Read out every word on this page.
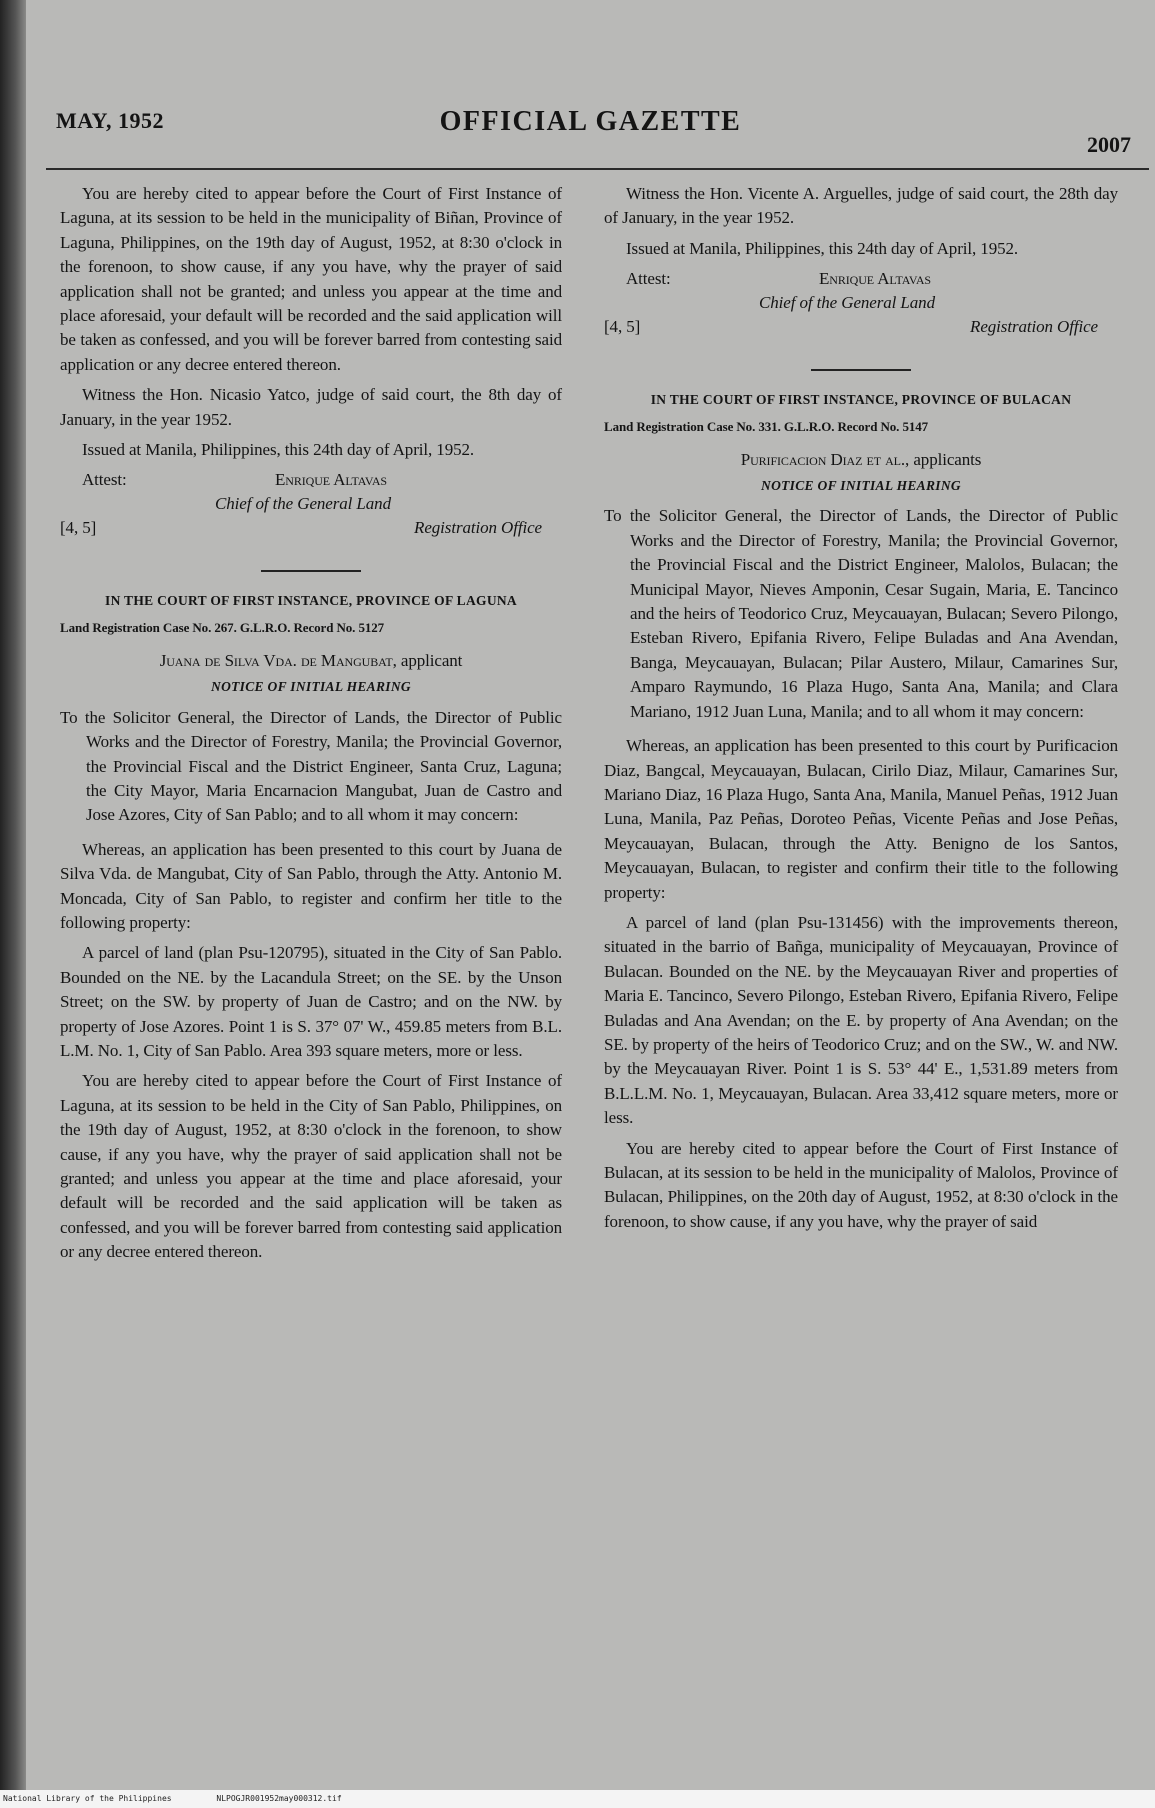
MAY, 1952	OFFICIAL GAZETTE
2007

You are hereby cited to appear before the Court of First Instance of Laguna, at its session to be held in the municipality of Biñan, Province of Laguna, Philippines, on the 19th day of August, 1952, at 8:30 o'clock in the forenoon, to show cause, if any you have, why the prayer of said application shall not be granted; and unless you appear at the time and place aforesaid, your default will be recorded and the said application will be taken as confessed, and you will be forever barred from contesting said application or any decree entered thereon.

Witness the Hon. Nicasio Yatco, judge of said court, the 8th day of January, in the year 1952.

Issued at Manila, Philippines, this 24th day of April, 1952.

Attest:	Enrique Altavas
Chief of the General Land
[4, 5]	Registration Office
IN THE COURT OF FIRST INSTANCE, PROVINCE OF LAGUNA
Land Registration Case No. 267. G.L.R.O. Record No. 5127
Juana de Silva Vda. de Mangubat, applicant
NOTICE OF INITIAL HEARING

To the Solicitor General, the Director of Lands, the Director of Public Works and the Director of Forestry, Manila; the Provincial Governor, the Provincial Fiscal and the District Engineer, Santa Cruz, Laguna; the City Mayor, Maria Encarnacion Mangubat, Juan de Castro and Jose Azores, City of San Pablo; and to all whom it may concern:

Whereas, an application has been presented to this court by Juana de Silva Vda. de Mangubat, City of San Pablo, through the Atty. Antonio M. Moncada, City of San Pablo, to register and confirm her title to the following property:

A parcel of land (plan Psu-120795), situated in the City of San Pablo. Bounded on the NE. by the Lacandula Street; on the SE. by the Unson Street; on the SW. by property of Juan de Castro; and on the NW. by property of Jose Azores. Point 1 is S. 37° 07' W., 459.85 meters from B.L. L.M. No. 1, City of San Pablo. Area 393 square meters, more or less.

You are hereby cited to appear before the Court of First Instance of Laguna, at its session to be held in the City of San Pablo, Philippines, on the 19th day of August, 1952, at 8:30 o'clock in the forenoon, to show cause, if any you have, why the prayer of said application shall not be granted; and unless you appear at the time and place aforesaid, your default will be recorded and the said application will be taken as confessed, and you will be forever barred from contesting said application or any decree entered thereon.

Witness the Hon. Vicente A. Arguelles, judge of said court, the 28th day of January, in the year 1952.

Issued at Manila, Philippines, this 24th day of April, 1952.

Attest:	Enrique Altavas
Chief of the General Land
[4, 5]	Registration Office
IN THE COURT OF FIRST INSTANCE, PROVINCE OF BULACAN
Land Registration Case No. 331. G.L.R.O. Record No. 5147
Purificacion Diaz et al., applicants
NOTICE OF INITIAL HEARING

To the Solicitor General, the Director of Lands, the Director of Public Works and the Director of Forestry, Manila; the Provincial Governor, the Provincial Fiscal and the District Engineer, Malolos, Bulacan; the Municipal Mayor, Nieves Amponin, Cesar Sugain, Maria, E. Tancinco and the heirs of Teodorico Cruz, Meycauayan, Bulacan; Severo Pilongo, Esteban Rivero, Epifania Rivero, Felipe Buladas and Ana Avendan, Banga, Meycauayan, Bulacan; Pilar Austero, Milaur, Camarines Sur, Amparo Raymundo, 16 Plaza Hugo, Santa Ana, Manila; and Clara Mariano, 1912 Juan Luna, Manila; and to all whom it may concern:

Whereas, an application has been presented to this court by Purificacion Diaz, Bangcal, Meycauayan, Bulacan, Cirilo Diaz, Milaur, Camarines Sur, Mariano Diaz, 16 Plaza Hugo, Santa Ana, Manila, Manuel Peñas, 1912 Juan Luna, Manila, Paz Peñas, Doroteo Peñas, Vicente Peñas and Jose Peñas, Meycauayan, Bulacan, through the Atty. Benigno de los Santos, Meycauayan, Bulacan, to register and confirm their title to the following property:

A parcel of land (plan Psu-131456) with the improvements thereon, situated in the barrio of Bañga, municipality of Meycauayan, Province of Bulacan. Bounded on the NE. by the Meycauayan River and properties of Maria E. Tancinco, Severo Pilongo, Esteban Rivero, Epifania Rivero, Felipe Buladas and Ana Avendan; on the E. by property of Ana Avendan; on the SE. by property of the heirs of Teodorico Cruz; and on the SW., W. and NW. by the Meycauayan River. Point 1 is S. 53° 44' E., 1,531.89 meters from B.L.L.M. No. 1, Meycauayan, Bulacan. Area 33,412 square meters, more or less.

You are hereby cited to appear before the Court of First Instance of Bulacan, at its session to be held in the municipality of Malolos, Province of Bulacan, Philippines, on the 20th day of August, 1952, at 8:30 o'clock in the forenoon, to show cause, if any you have, why the prayer of said

National Library of the Philippines	NLPOGJR001952may000312.tif
